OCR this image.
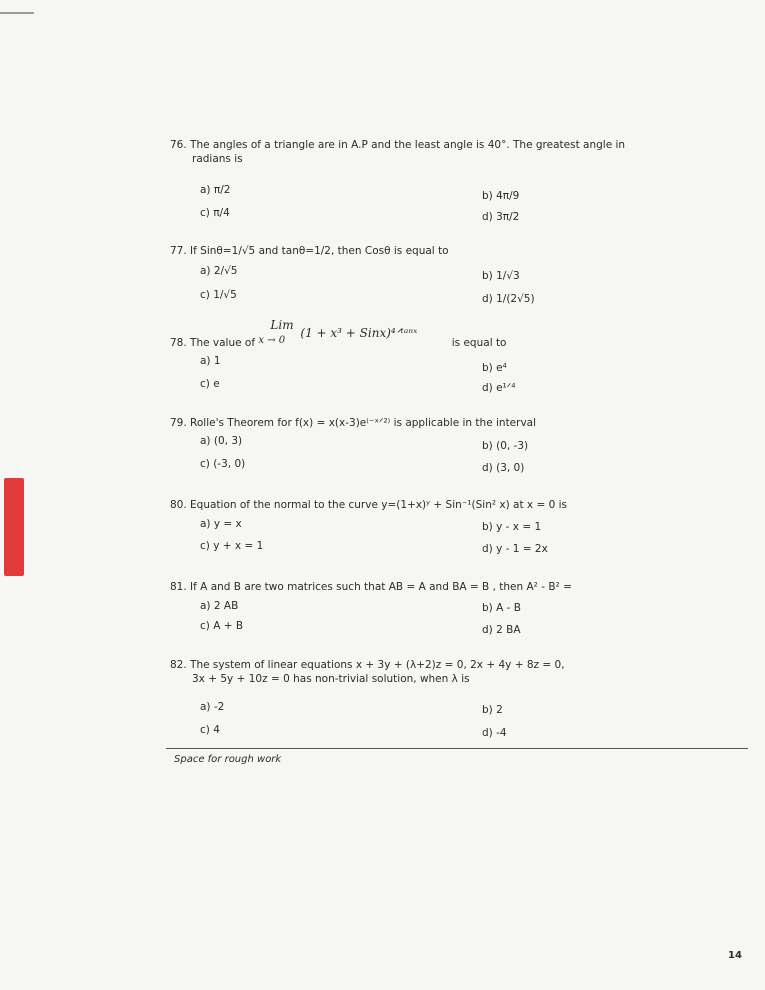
76. The angles of a triangle are in A.P and the least angle is 40°. The greatest angle in
radians is
a) π/2	b) 4π/9
c) π/4	d) 3π/2
77. If Sinθ=1/√5 and tanθ=1/2, then Cosθ is equal to
a) 2/√5	b) 1/√3
c) 1/√5	d) 1/(2√5)
78. The value of
Lim
x → 0
(1 + x³ + Sinx)⁴ᐟᵗᵃⁿˣ
is equal to
a) 1
b) e⁴
c) e	d) e¹ᐟ⁴
79. Rolle's Theorem for f(x) = x(x-3)e⁽⁻ˣᐟ²⁾ is applicable in the interval
a) (0, 3)	b) (0, -3)
c) (-3, 0)	d) (3, 0)
80. Equation of the normal to the curve y=(1+x)ʸ + Sin⁻¹(Sin² x) at x = 0 is
a) y = x	b) y - x = 1
c) y + x = 1	d) y - 1 = 2x
81. If A and B are two matrices such that AB = A and BA = B , then A² - B² =
a) 2 AB	b) A - B
c) A + B	d) 2 BA
82. The system of linear equations x + 3y + (λ+2)z = 0, 2x + 4y + 8z = 0,
3x + 5y + 10z = 0 has non-trivial solution, when λ is
a) -2	b) 2
c) 4	d) -4
Space for rough work
14
